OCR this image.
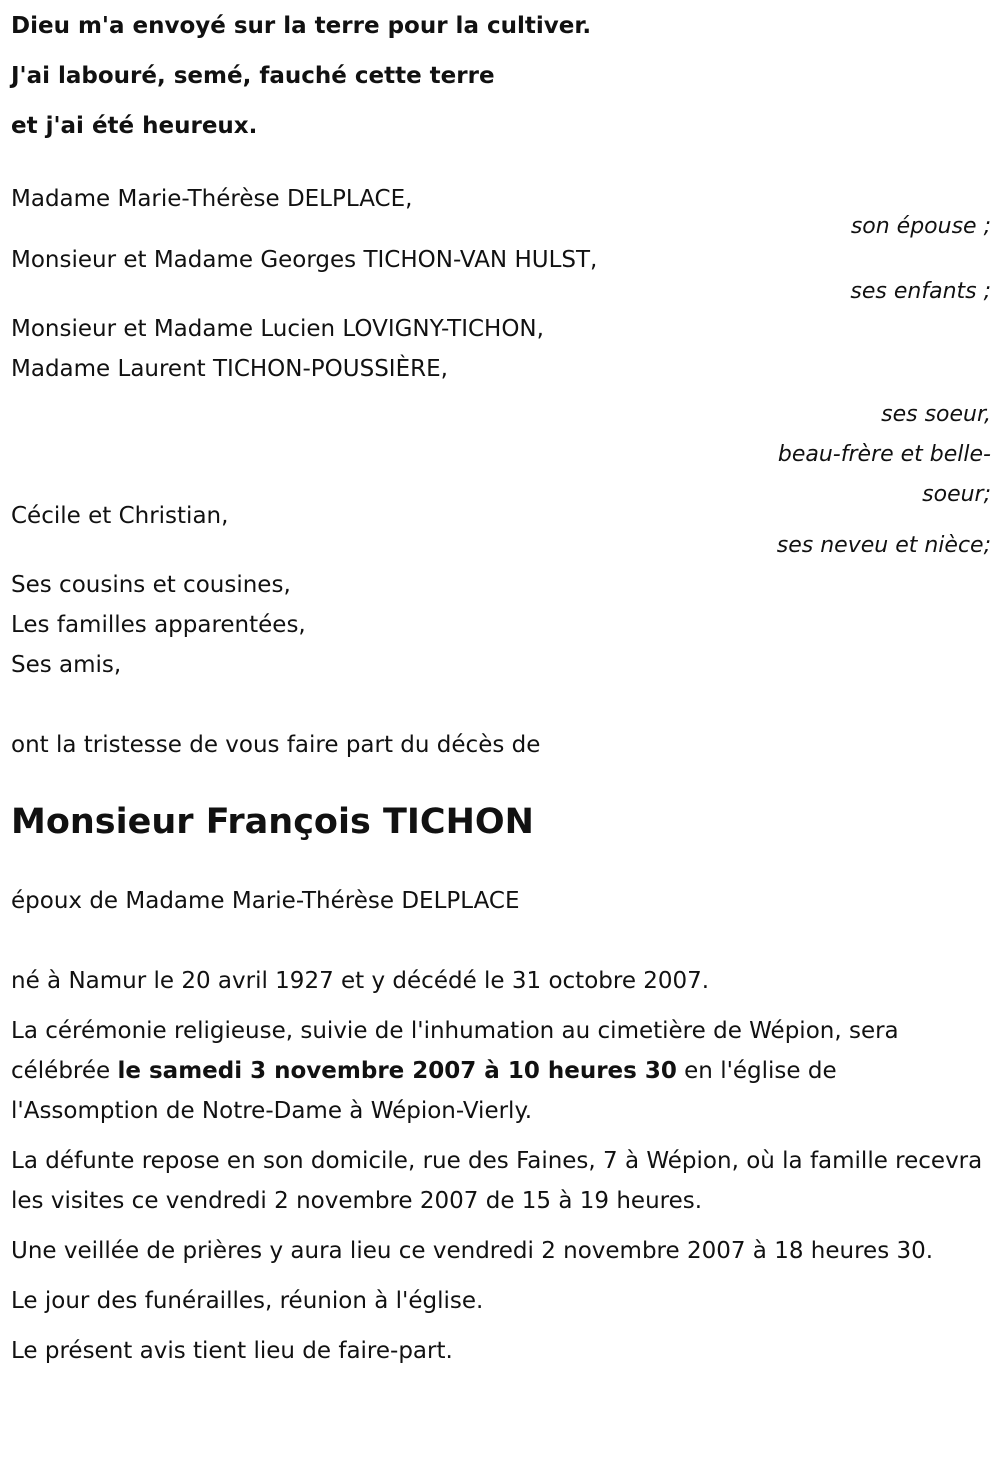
Dieu m'a envoyé sur la terre pour la cultiver.

J'ai labouré, semé, fauché cette terre

et j'ai été heureux.

Madame Marie-Thérèse DELPLACE,
son épouse ;
Monsieur et Madame Georges TICHON-VAN HULST,
ses enfants ;
Monsieur et Madame Lucien LOVIGNY-TICHON,
Madame Laurent TICHON-POUSSIÈRE,
ses soeur,
beau-frère et belle-
soeur;
Cécile et Christian,
ses neveu et nièce;
Ses cousins et cousines,
Les familles apparentées,
Ses amis,

ont la tristesse de vous faire part du décès de

Monsieur François TICHON

époux de Madame Marie-Thérèse DELPLACE

né à Namur le 20 avril 1927 et y décédé le 31 octobre 2007.

La cérémonie religieuse, suivie de l'inhumation au cimetière de Wépion, sera célébrée le samedi 3 novembre 2007 à 10 heures 30 en l'église de l'Assomption de Notre-Dame à Wépion-Vierly.

La défunte repose en son domicile, rue des Faines, 7 à Wépion, où la famille recevra les visites ce vendredi 2 novembre 2007 de 15 à 19 heures.

Une veillée de prières y aura lieu ce vendredi 2 novembre 2007 à 18 heures 30.

Le jour des funérailles, réunion à l'église.

Le présent avis tient lieu de faire-part.
